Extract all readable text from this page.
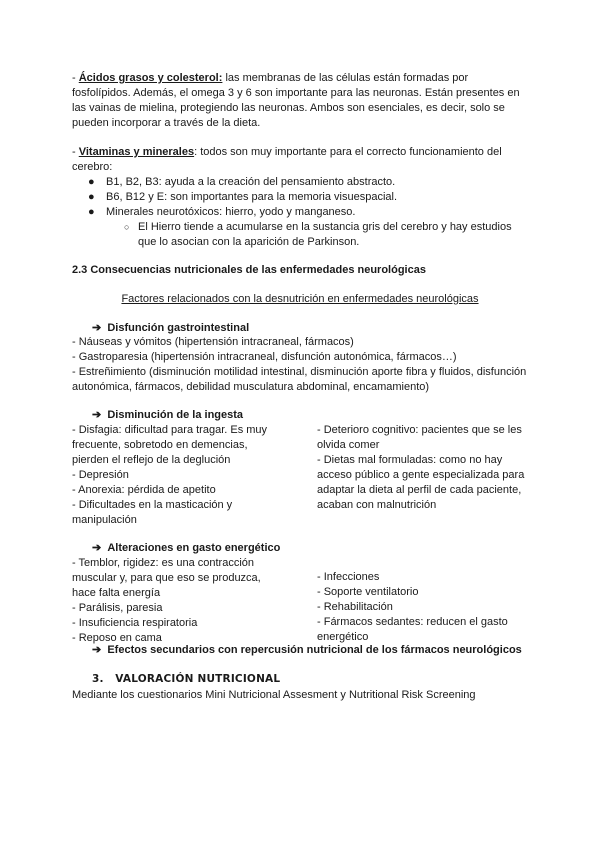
- Ácidos grasos y colesterol: las membranas de las células están formadas por fosfolípidos. Además, el omega 3 y 6 son importante para las neuronas. Están presentes en las vainas de mielina, protegiendo las neuronas. Ambos son esenciales, es decir, solo se pueden incorporar a través de la dieta.

- Vitaminas y minerales: todos son muy importante para el correcto funcionamiento del cerebro:

● B1, B2, B3: ayuda a la creación del pensamiento abstracto.
● B6, B12 y E: son importantes para la memoria visuespacial.
● Minerales neurotóxicos: hierro, yodo y manganeso.
○ El Hierro tiende a acumularse en la sustancia gris del cerebro y hay estudios que lo asocian con la aparición de Parkinson.
2.3 Consecuencias nutricionales de las enfermedades neurológicas
Factores relacionados con la desnutrición en enfermedades neurológicas
➔ Disfunción gastrointestinal
- Náuseas y vómitos (hipertensión intracraneal, fármacos)
- Gastroparesia (hipertensión intracraneal, disfunción autonómica, fármacos…)
- Estreñimiento (disminución motilidad intestinal, disminución aporte fibra y fluidos, disfunción autonómica, fármacos, debilidad musculatura abdominal, encamamiento)
➔ Disminución de la ingesta
- Disfagia: dificultad para tragar. Es muy frecuente, sobretodo en demencias, pierden el reflejo de la deglución
- Depresión
- Anorexia: pérdida de apetito
- Dificultades en la masticación y manipulación
- Deterioro cognitivo: pacientes que se les olvida comer
- Dietas mal formuladas: como no hay acceso público a gente especializada para adaptar la dieta al perfil de cada paciente, acaban con malnutrición
➔ Alteraciones en gasto energético
- Temblor, rigidez: es una contracción muscular y, para que eso se produzca, hace falta energía
- Parálisis, paresia
- Insuficiencia respiratoria
- Reposo en cama
- Infecciones
- Soporte ventilatorio
- Rehabilitación
- Fármacos sedantes: reducen el gasto energético
➔ Efectos secundarios con repercusión nutricional de los fármacos neurológicos
3. VALORACIÓN NUTRICIONAL
Mediante los cuestionarios Mini Nutricional Assesment y Nutritional Risk Screening
